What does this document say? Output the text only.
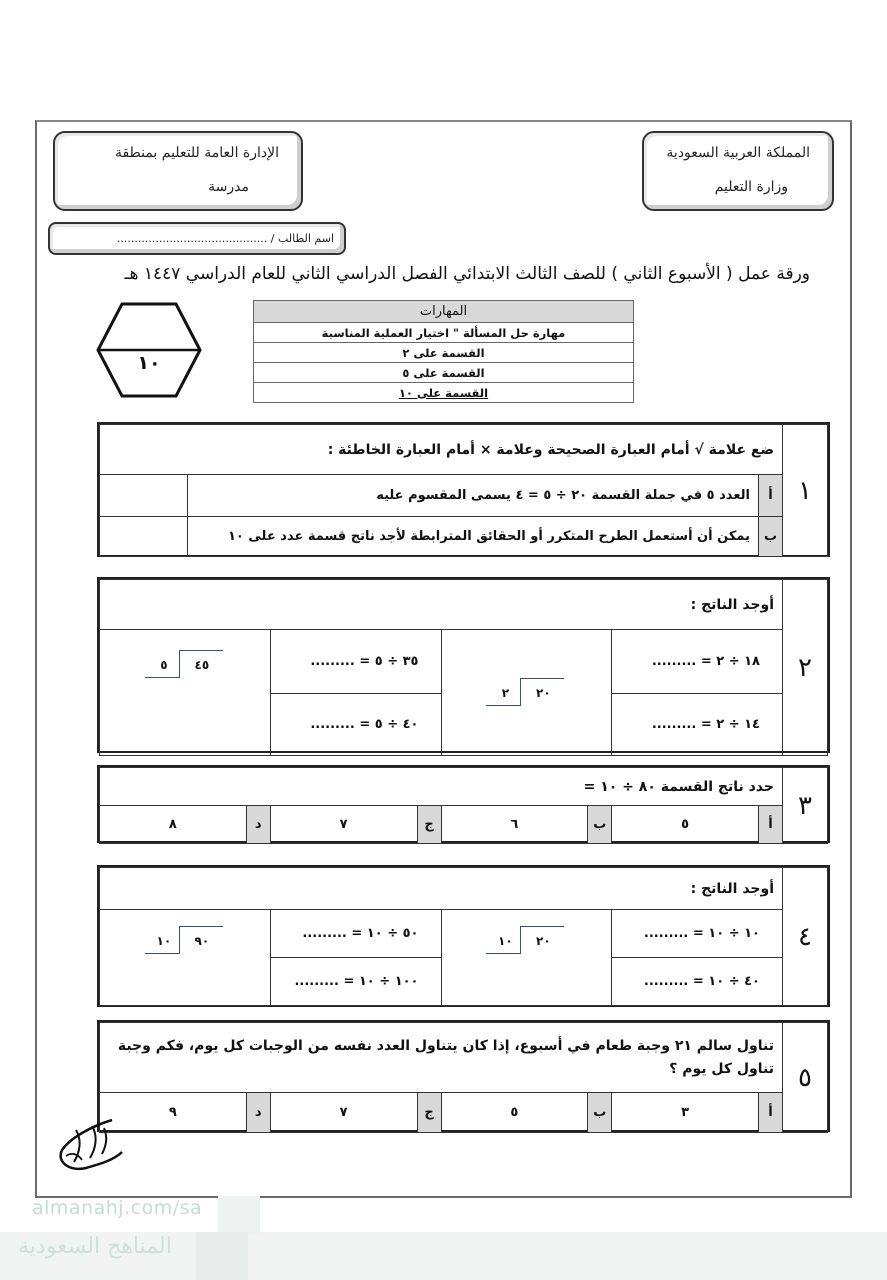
المملكة العربية السعودية
وزارة التعليم
الإدارة العامة للتعليم بمنطقة
مدرسة
اسم الطالب / ...........................................
ورقة عمل ( الأسبوع الثاني ) للصف الثالث الابتدائي الفصل الدراسي الثاني للعام الدراسي ١٤٤٧ هـ
١٠
المهارات
مهارة حل المسألة " اختيار العملية المناسبة
القسمة على ٢
القسمة على ٥
القسمة على ١٠
١	ضع علامة √ أمام العبارة الصحيحة وعلامة × أمام العبارة الخاطئة :		
	أ	العدد ٥ في جملة القسمة ٢٠ ÷ ٥ = ٤ يسمى المقسوم عليه	
	ب	يمكن أن أستعمل الطرح المتكرر أو الحقائق المترابطة لأجد ناتج قسمة عدد على ١٠	
٢	أوجد الناتج :			
	١٨ ÷ ٢ = .........	٢ ٢٠	٣٥ ÷ ٥ = .........	٥ ٤٥

	١٤ ÷ ٢ = .........		٤٠ ÷ ٥ = .........	
٣	حدد ناتج القسمة ٨٠ ÷ ١٠ =							
	أ	٥	ب	٦	ج	٧	د	٨
٤	أوجد الناتج :			
	١٠ ÷ ١٠ = .........	١٠ ٢٠	٥٠ ÷ ١٠ = .........	١٠ ٩٠

	٤٠ ÷ ١٠ = .........		١٠٠ ÷ ١٠ = .........	
٥	تناول سالم ٢١ وجبة طعام في أسبوع، إذا كان يتناول العدد نفسه من الوجبات كل يوم، فكم وجبة تناول كل يوم ؟							
	أ	٣	ب	٥	ج	٧	د	٩
almanahj.com/sa
المناهج السعودية
